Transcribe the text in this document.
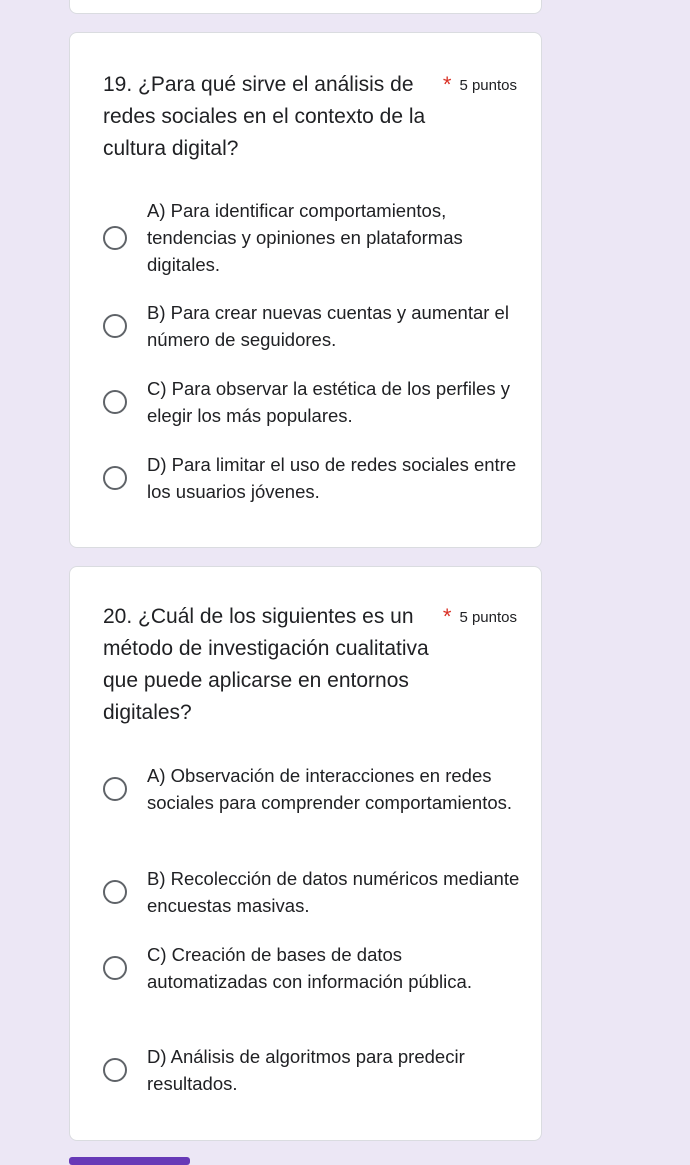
19. ¿Para qué sirve el análisis de redes sociales en el contexto de la cultura digital?
* 5 puntos
A) Para identificar comportamientos, tendencias y opiniones en plataformas digitales.
B) Para crear nuevas cuentas y aumentar el número de seguidores.
C) Para observar la estética de los perfiles y elegir los más populares.
D) Para limitar el uso de redes sociales entre los usuarios jóvenes.
20. ¿Cuál de los siguientes es un método de investigación cualitativa que puede aplicarse en entornos digitales?
* 5 puntos
A) Observación de interacciones en redes sociales para comprender comportamientos.
B) Recolección de datos numéricos mediante encuestas masivas.
C) Creación de bases de datos automatizadas con información pública.
D) Análisis de algoritmos para predecir resultados.
